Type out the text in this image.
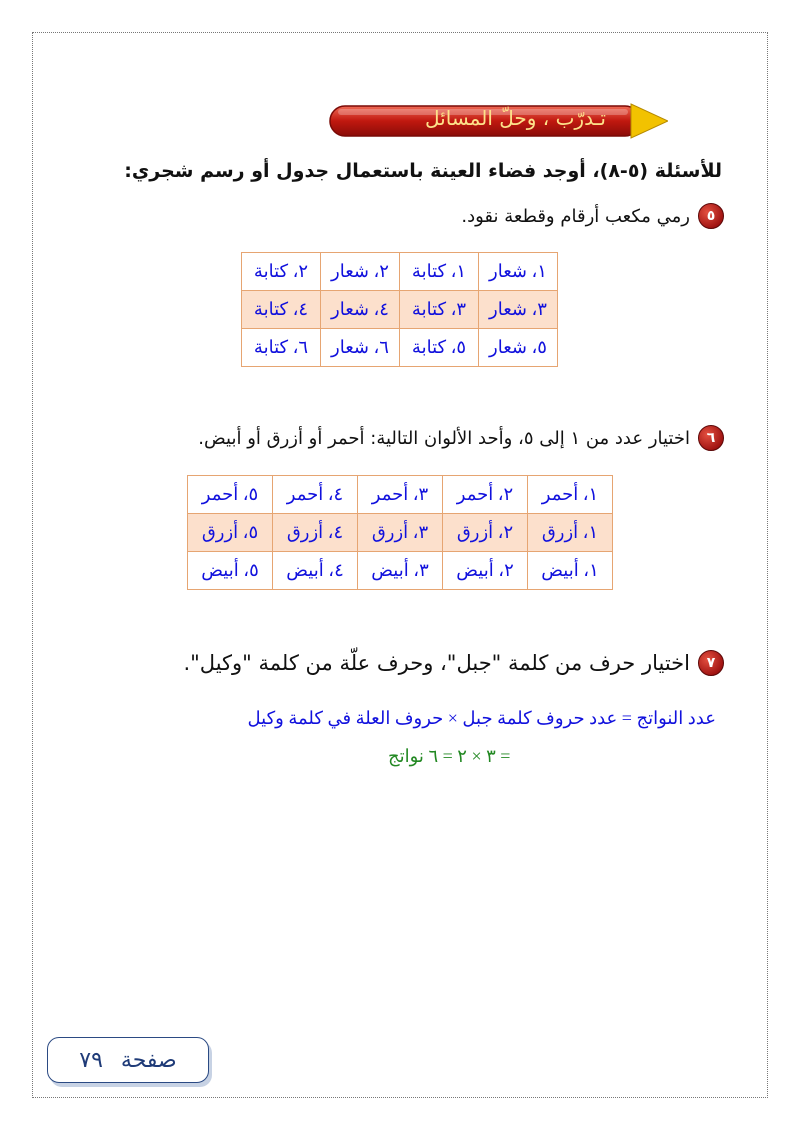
تـدرّب ، وحلّ المسائل
للأسئلة (٥-٨)، أوجد فضاء العينة باستعمال جدول أو رسم شجري:
٥
رمي مكعب أرقام وقطعة نقود.
١، شعار	١، كتابة	٢، شعار	٢، كتابة
٣، شعار	٣، كتابة	٤، شعار	٤، كتابة
٥، شعار	٥، كتابة	٦، شعار	٦، كتابة
٦
اختيار عدد من ١ إلى ٥، وأحد الألوان التالية: أحمر أو أزرق أو أبيض.
١، أحمر	٢، أحمر	٣، أحمر	٤، أحمر	٥، أحمر
١، أزرق	٢، أزرق	٣، أزرق	٤، أزرق	٥، أزرق
١، أبيض	٢، أبيض	٣، أبيض	٤، أبيض	٥، أبيض
٧
اختيار حرف من كلمة "جبل"، وحرف علّة من كلمة "وكيل".
عدد النواتج = عدد حروف كلمة جبل × حروف العلة في كلمة وكيل
= ٣ × ٢ = ٦ نواتج
صفحة
٧٩
